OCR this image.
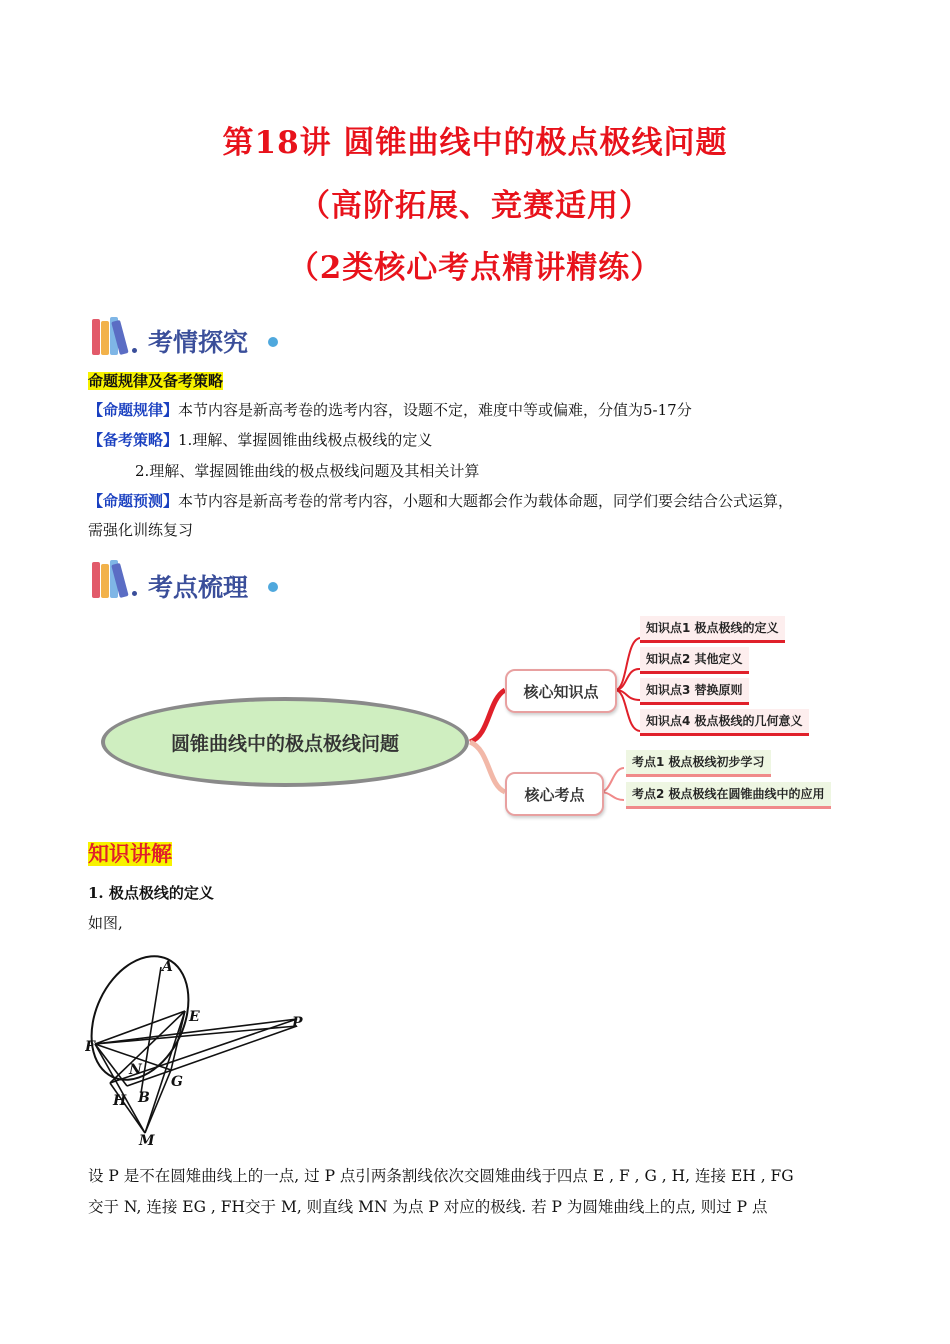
第18讲 圆锥曲线中的极点极线问题
（高阶拓展、竞赛适用）
（2类核心考点精讲精练）
考情探究
命题规律及备考策略
【命题规律】本节内容是新高考卷的选考内容，设题不定，难度中等或偏难，分值为5-17分
【备考策略】1.理解、掌握圆锥曲线极点极线的定义
2.理解、掌握圆锥曲线的极点极线问题及其相关计算
【命题预测】本节内容是新高考卷的常考内容，小题和大题都会作为载体命题，同学们要会结合公式运算，
需强化训练复习
考点梳理
圆锥曲线中的极点极线问题
核心知识点
核心考点
知识点1 极点极线的定义
知识点2 其他定义
知识点3 替换原则
知识点4 极点极线的几何意义
考点1 极点极线初步学习
考点2 极点极线在圆锥曲线中的应用
知识讲解
1. 极点极线的定义
如图,
A
E	P
F
N
G
H B
M
设 P 是不在圆雉曲线上的一点, 过 P 点引两条割线依次交圆雉曲线于四点 E , F , G , H, 连接 EH , FG
交于 N, 连接 EG , FH交于 M, 则直线 MN 为点 P 对应的极线. 若 P 为圆雉曲线上的点, 则过 P 点
